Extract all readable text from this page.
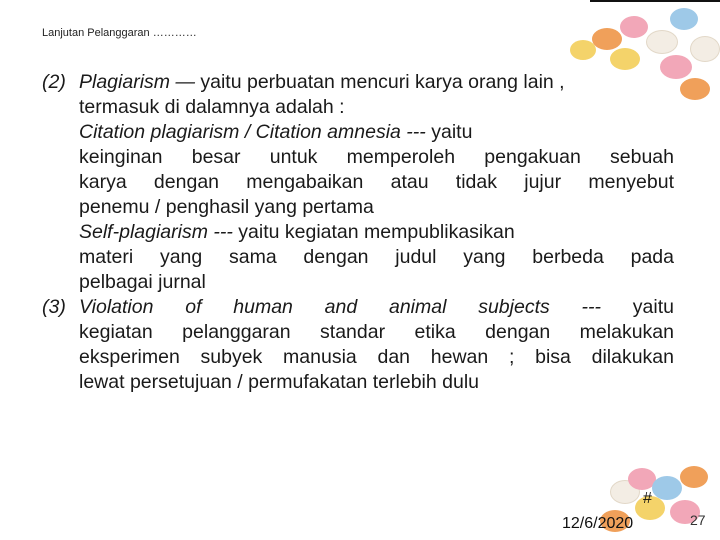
Lanjutan Pelanggaran …………
(2) Plagiarism — yaitu perbuatan mencuri karya orang lain ,
termasuk di dalamnya adalah :
Citation plagiarism / Citation amnesia --- yaitu
keinginan besar untuk memperoleh pengakuan sebuah
karya dengan mengabaikan atau tidak jujur menyebut
penemu / penghasil yang pertama
Self-plagiarism --- yaitu kegiatan mempublikasikan
materi yang sama dengan judul yang berbeda pada
pelbagai jurnal
(3) Violation of human and animal subjects --- yaitu
kegiatan pelanggaran standar etika dengan melakukan
eksperimen subyek manusia dan hewan ; bisa dilakukan
lewat persetujuan / permufakatan terlebih dulu
#
12/6/2020	27
